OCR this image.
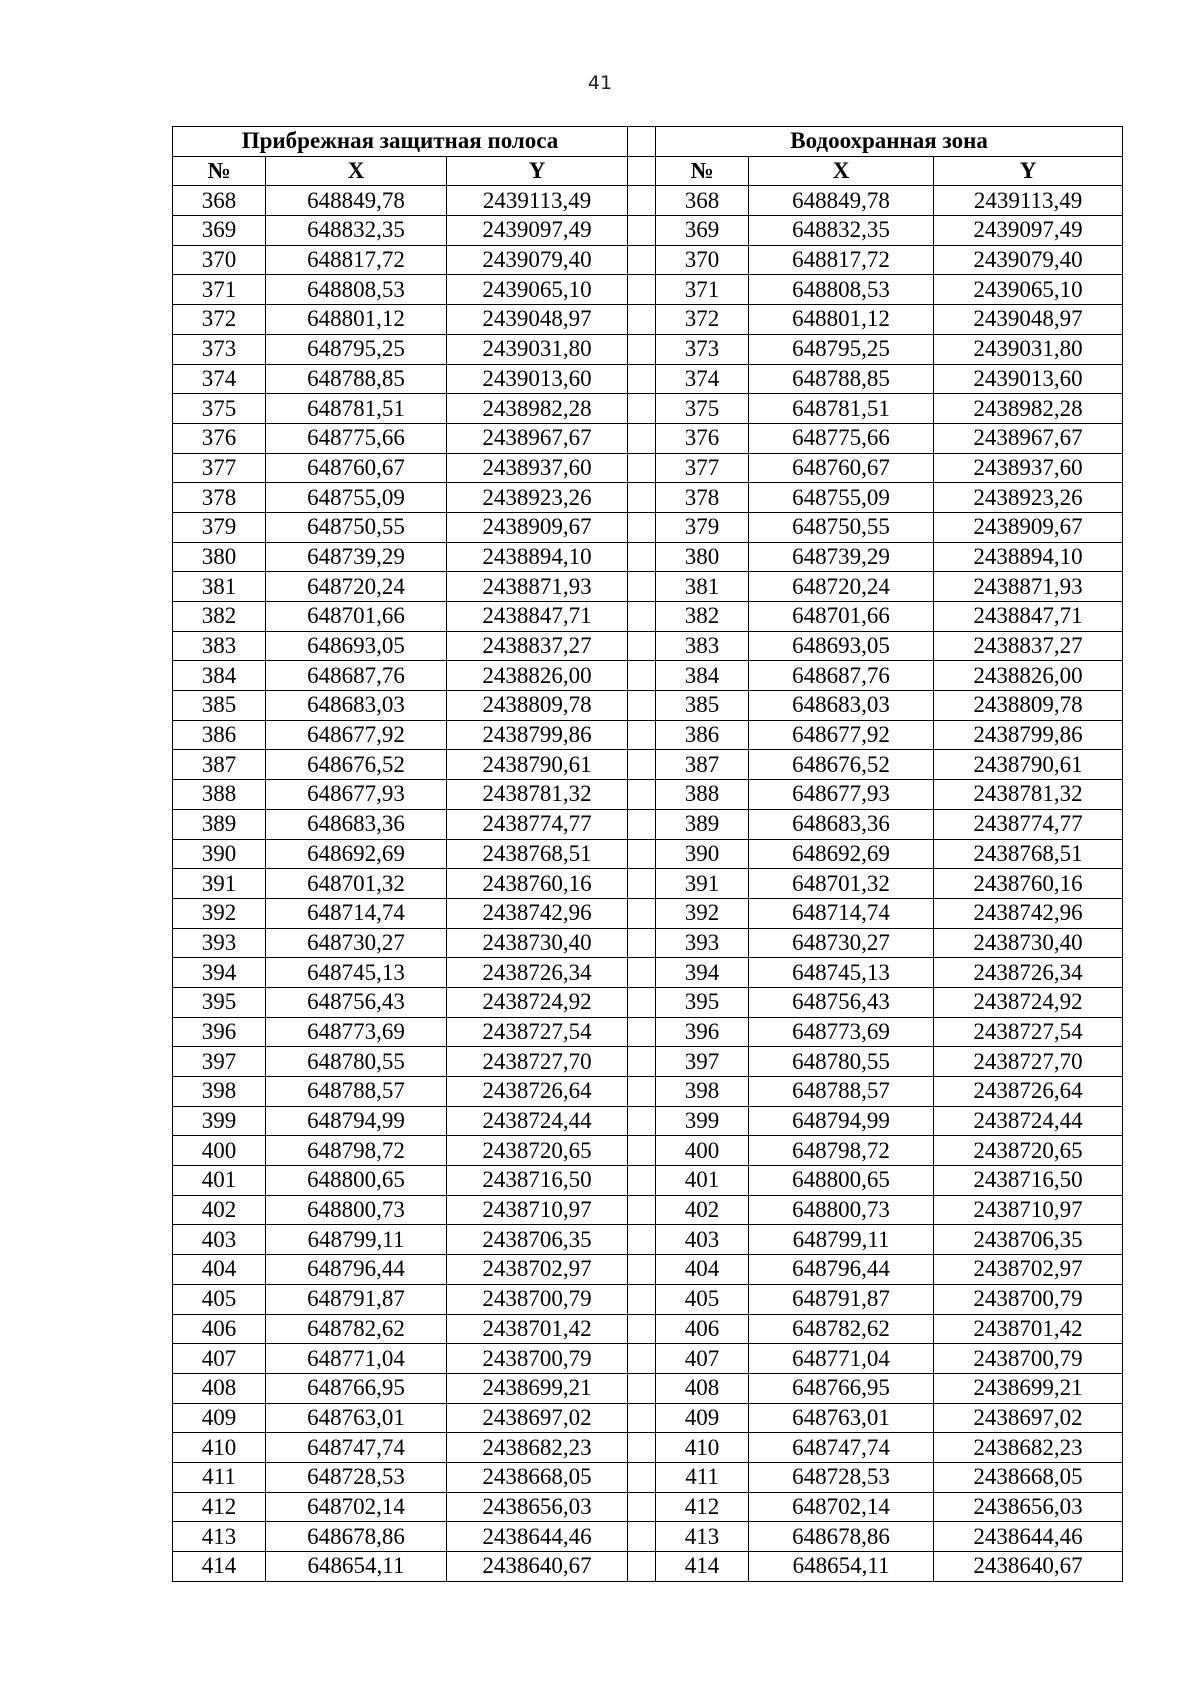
41
Прибрежная защитная полоса				Водоохранная зона		
№	X	Y		№	X	Y
368	648849,78	2439113,49		368	648849,78	2439113,49
369	648832,35	2439097,49		369	648832,35	2439097,49
370	648817,72	2439079,40		370	648817,72	2439079,40
371	648808,53	2439065,10		371	648808,53	2439065,10
372	648801,12	2439048,97		372	648801,12	2439048,97
373	648795,25	2439031,80		373	648795,25	2439031,80
374	648788,85	2439013,60		374	648788,85	2439013,60
375	648781,51	2438982,28		375	648781,51	2438982,28
376	648775,66	2438967,67		376	648775,66	2438967,67
377	648760,67	2438937,60		377	648760,67	2438937,60
378	648755,09	2438923,26		378	648755,09	2438923,26
379	648750,55	2438909,67		379	648750,55	2438909,67
380	648739,29	2438894,10		380	648739,29	2438894,10
381	648720,24	2438871,93		381	648720,24	2438871,93
382	648701,66	2438847,71		382	648701,66	2438847,71
383	648693,05	2438837,27		383	648693,05	2438837,27
384	648687,76	2438826,00		384	648687,76	2438826,00
385	648683,03	2438809,78		385	648683,03	2438809,78
386	648677,92	2438799,86		386	648677,92	2438799,86
387	648676,52	2438790,61		387	648676,52	2438790,61
388	648677,93	2438781,32		388	648677,93	2438781,32
389	648683,36	2438774,77		389	648683,36	2438774,77
390	648692,69	2438768,51		390	648692,69	2438768,51
391	648701,32	2438760,16		391	648701,32	2438760,16
392	648714,74	2438742,96		392	648714,74	2438742,96
393	648730,27	2438730,40		393	648730,27	2438730,40
394	648745,13	2438726,34		394	648745,13	2438726,34
395	648756,43	2438724,92		395	648756,43	2438724,92
396	648773,69	2438727,54		396	648773,69	2438727,54
397	648780,55	2438727,70		397	648780,55	2438727,70
398	648788,57	2438726,64		398	648788,57	2438726,64
399	648794,99	2438724,44		399	648794,99	2438724,44
400	648798,72	2438720,65		400	648798,72	2438720,65
401	648800,65	2438716,50		401	648800,65	2438716,50
402	648800,73	2438710,97		402	648800,73	2438710,97
403	648799,11	2438706,35		403	648799,11	2438706,35
404	648796,44	2438702,97		404	648796,44	2438702,97
405	648791,87	2438700,79		405	648791,87	2438700,79
406	648782,62	2438701,42		406	648782,62	2438701,42
407	648771,04	2438700,79		407	648771,04	2438700,79
408	648766,95	2438699,21		408	648766,95	2438699,21
409	648763,01	2438697,02		409	648763,01	2438697,02
410	648747,74	2438682,23		410	648747,74	2438682,23
411	648728,53	2438668,05		411	648728,53	2438668,05
412	648702,14	2438656,03		412	648702,14	2438656,03
413	648678,86	2438644,46		413	648678,86	2438644,46
414	648654,11	2438640,67		414	648654,11	2438640,67
